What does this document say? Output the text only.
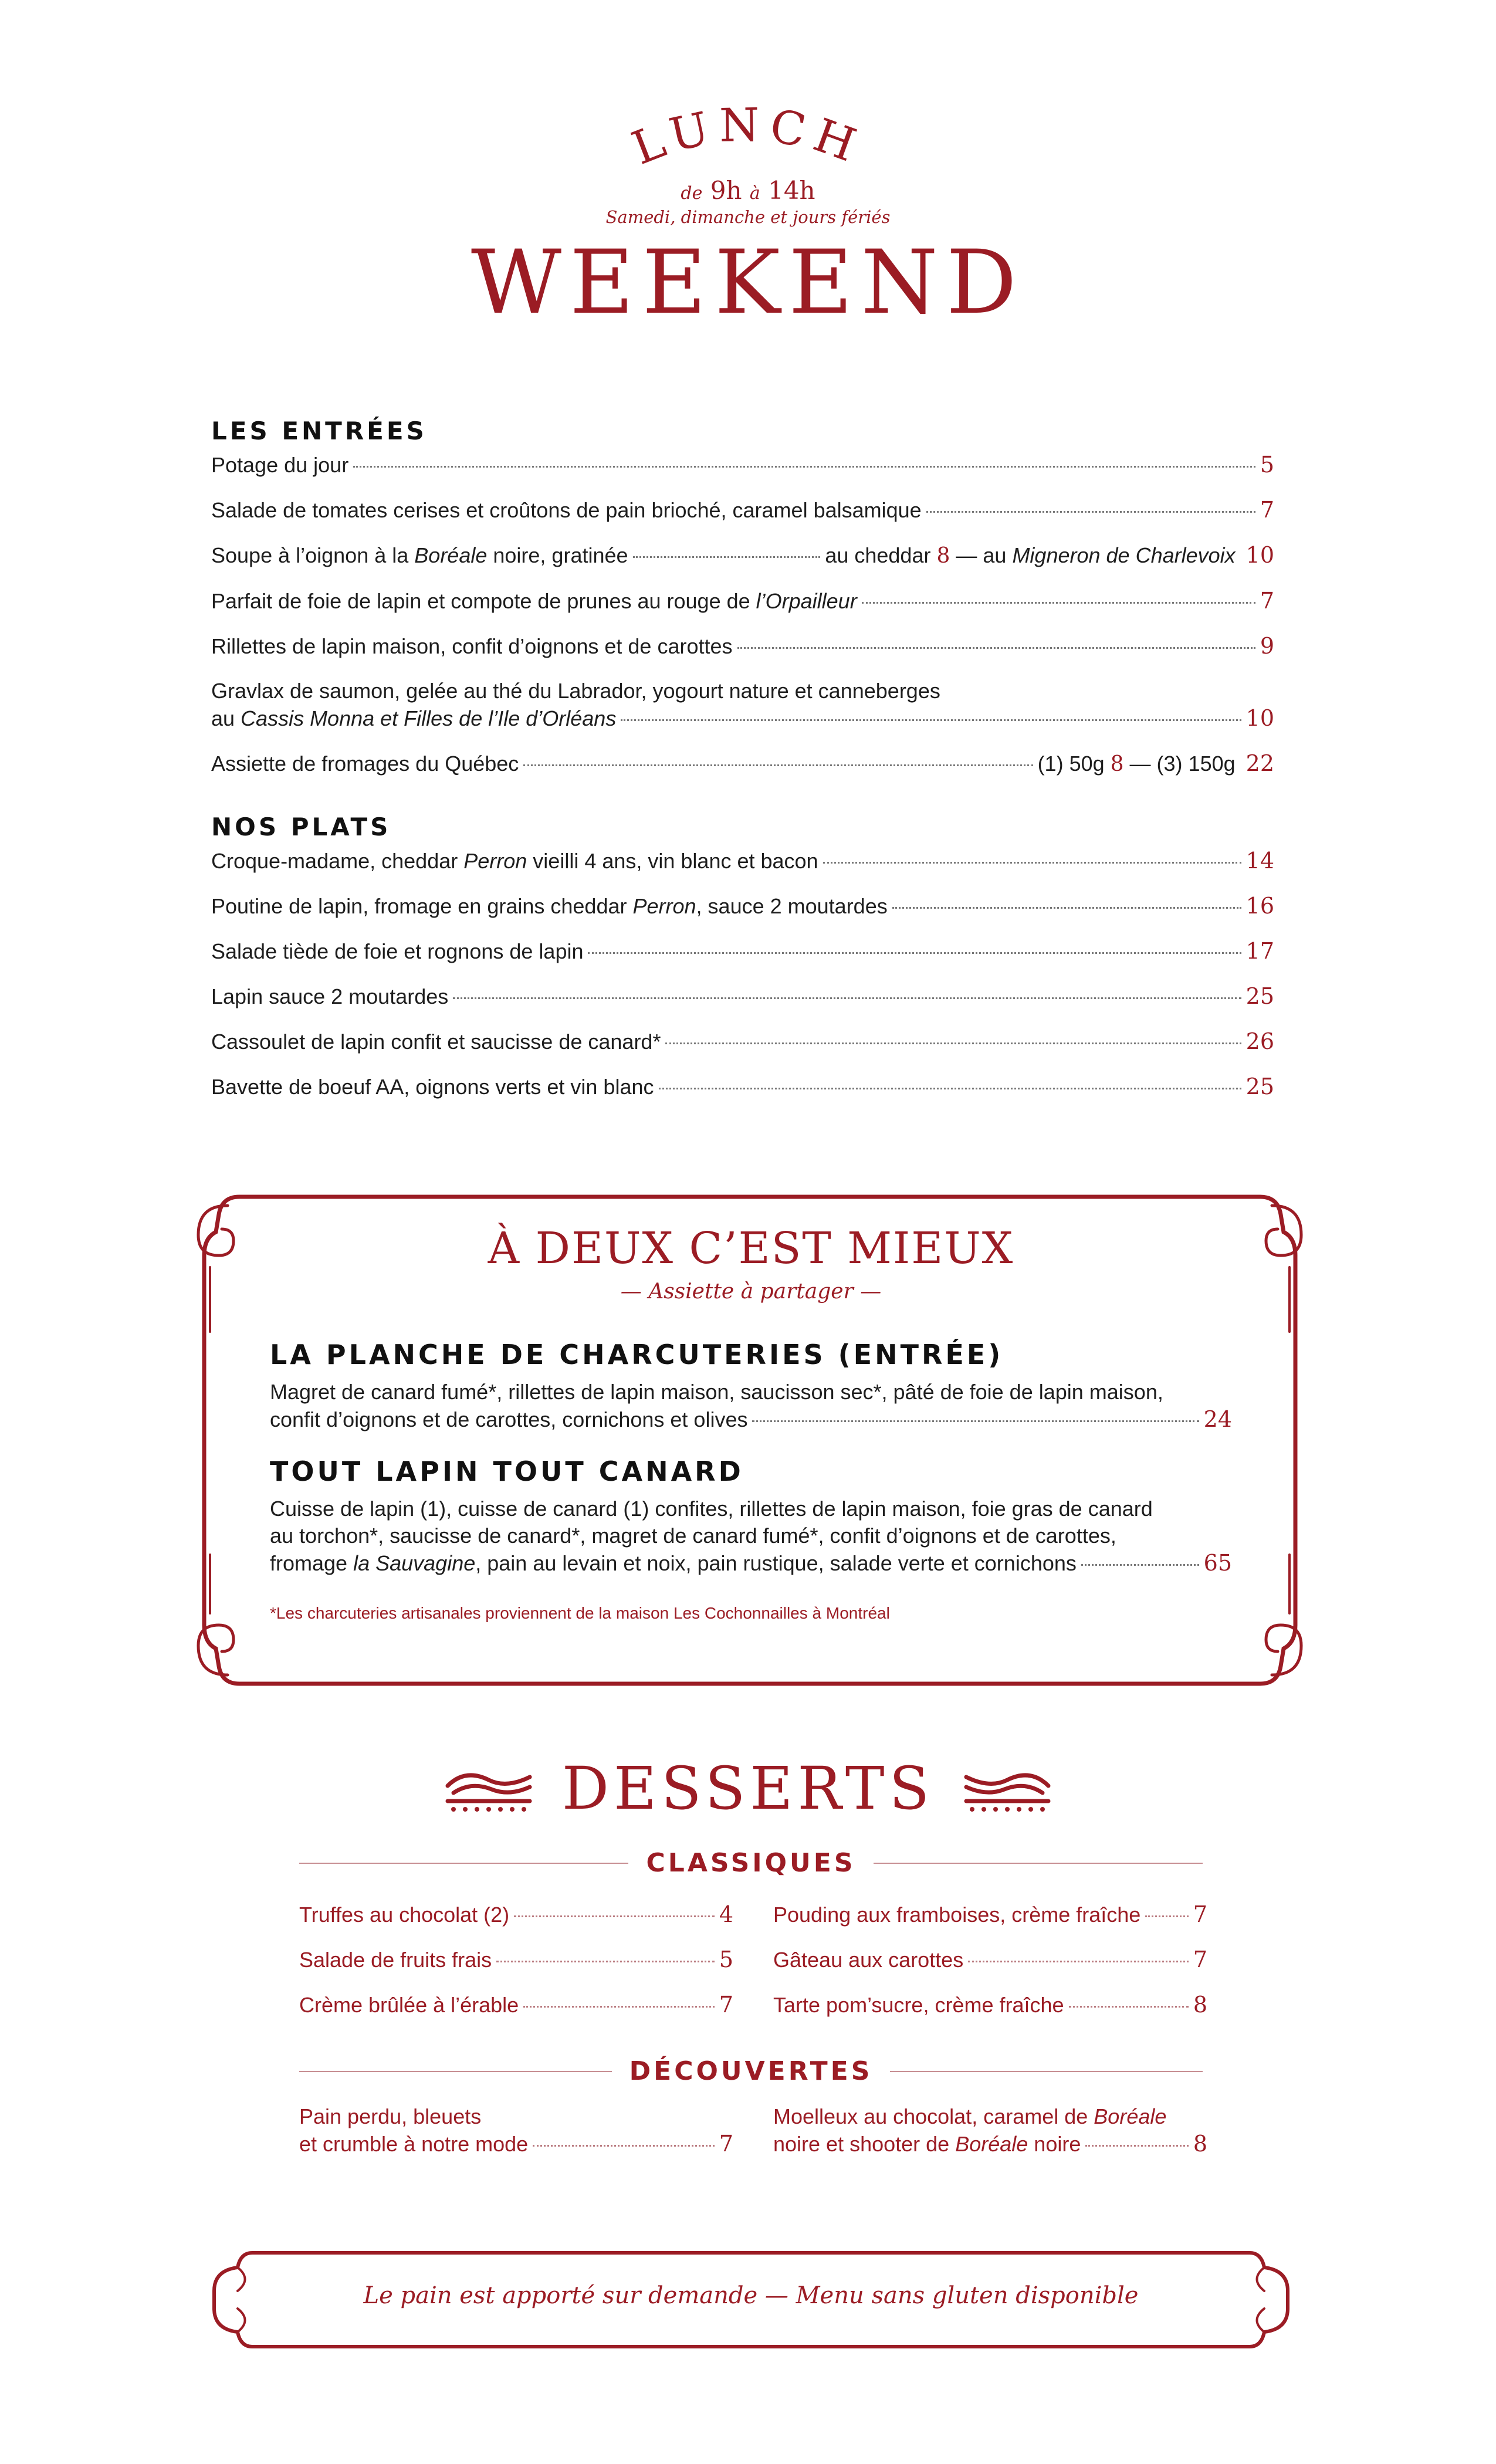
LUNCH
de 9h à 14h
Samedi, dimanche et jours fériés
WEEKEND
LES ENTRÉES
Potage du jour	5
Salade de tomates cerises et croûtons de pain brioché, caramel balsamique	7
Soupe à l’oignon à la Boréale noire, gratinée	au cheddar 8 — au Migneron de Charlevoix 10
Parfait de foie de lapin et compote de prunes au rouge de l’Orpailleur	7
Rillettes de lapin maison, confit d’oignons et de carottes	9
Gravlax de saumon, gelée au thé du Labrador, yogourt nature et canneberges
au Cassis Monna et Filles de l’Ile d’Orléans	10
Assiette de fromages du Québec	(1) 50g 8 — (3) 150g 22
NOS PLATS
Croque-madame, cheddar Perron vieilli 4 ans, vin blanc et bacon	14
Poutine de lapin, fromage en grains cheddar Perron, sauce 2 moutardes	16
Salade tiède de foie et rognons de lapin	17
Lapin sauce 2 moutardes	25
Cassoulet de lapin confit et saucisse de canard*	26
Bavette de boeuf AA, oignons verts et vin blanc	25
À DEUX C’EST MIEUX
— Assiette à partager —
LA PLANCHE DE CHARCUTERIES (ENTRÉE)
Magret de canard fumé*, rillettes de lapin maison, saucisson sec*, pâté de foie de lapin maison,
confit d’oignons et de carottes, cornichons et olives	24
TOUT LAPIN TOUT CANARD
Cuisse de lapin (1), cuisse de canard (1) confites, rillettes de lapin maison, foie gras de canard
au torchon*, saucisse de canard*, magret de canard fumé*, confit d’oignons et de carottes,
fromage la Sauvagine, pain au levain et noix, pain rustique, salade verte et cornichons	65
*Les charcuteries artisanales proviennent de la maison Les Cochonnailles à Montréal
DESSERTS
CLASSIQUES
Truffes au chocolat (2)	4
Salade de fruits frais	5
Crème brûlée à l’érable	7
Pouding aux framboises, crème fraîche 7
Gâteau aux carottes	7
Tarte pom’sucre, crème fraîche	8
DÉCOUVERTES
Pain perdu, bleuets
et crumble à notre mode	7
Moelleux au chocolat, caramel de Boréale
noire et shooter de Boréale noire	8
Le pain est apporté sur demande — Menu sans gluten disponible
